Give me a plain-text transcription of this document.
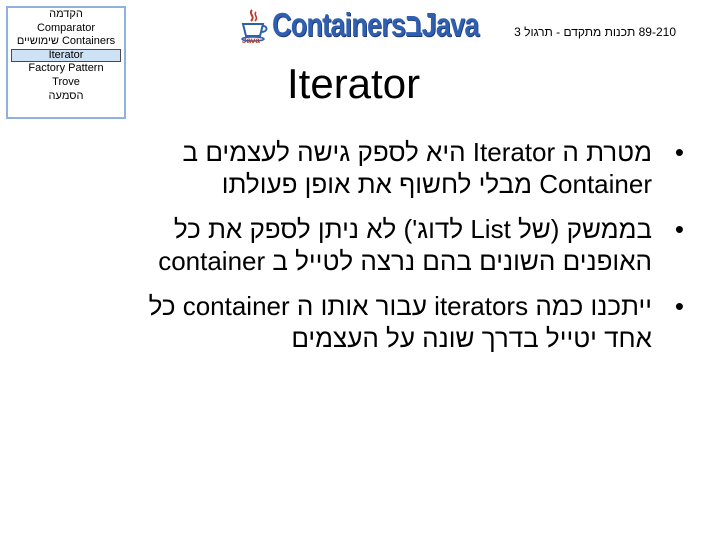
הקדמה
Comparator
Containers שימושיים
Iterator
Factory Pattern
Trove
הסמעה
Java ContainersבJava	89-210 תכנות מתקדם - תרגול 3
Iterator
•
מטרת ה Iterator היא לספק גישה לעצמים ב
Container מבלי לחשוף את אופן פעולתו
•
בממשק (של List לדוג') לא ניתן לספק את כל
האופנים השונים בהם נרצה לטייל ב container
•
ייתכנו כמה iterators עבור אותו ה container כל
אחד יטייל בדרך שונה על העצמים
